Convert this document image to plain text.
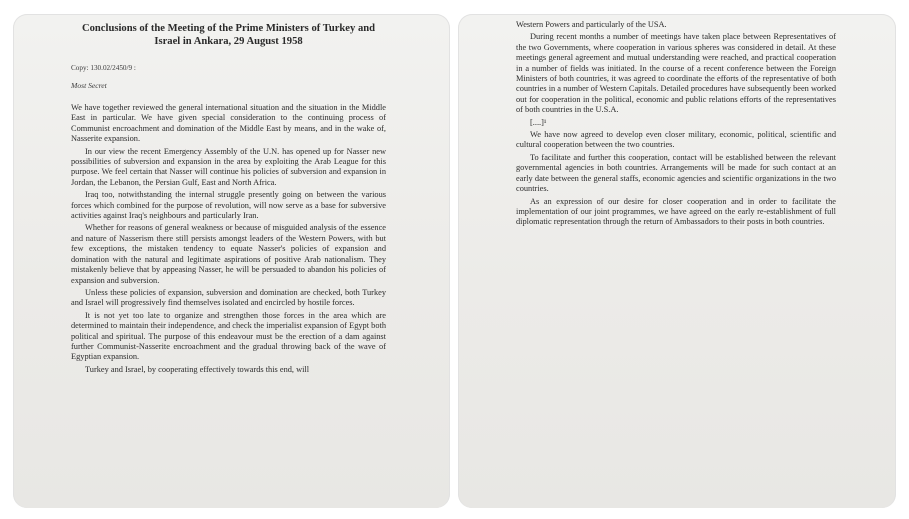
Conclusions of the Meeting of the Prime Ministers of Turkey and Israel in Ankara, 29 August 1958
Copy: 130.02/2450/9 :
Most Secret

We have together reviewed the general international situation and the situation in the Middle East in particular. We have given special consideration to the continuing process of Communist encroachment and domination of the Middle East by means, and in the wake of, Nasserite expansion.

In our view the recent Emergency Assembly of the U.N. has opened up for Nasser new possibilities of subversion and expansion in the area by exploiting the Arab League for this purpose. We feel certain that Nasser will continue his policies of subversion and expansion in Jordan, the Lebanon, the Persian Gulf, East and North Africa.

Iraq too, notwithstanding the internal struggle presently going on between the various forces which combined for the purpose of revolution, will now serve as a base for subversive activities against Iraq's neighbours and particularly Iran.

Whether for reasons of general weakness or because of misguided analysis of the essence and nature of Nasserism there still persists amongst leaders of the Western Powers, with but few exceptions, the mistaken tendency to equate Nasser's policies of expansion and domination with the natural and legitimate aspirations of positive Arab nationalism. They mistakenly believe that by appeasing Nasser, he will be persuaded to abandon his policies of expansion and subversion.

Unless these policies of expansion, subversion and domination are checked, both Turkey and Israel will progressively find themselves isolated and encircled by hostile forces.

It is not yet too late to organize and strengthen those forces in the area which are determined to maintain their independence, and check the imperialist expansion of Egypt both political and spiritual. The purpose of this endeavour must be the erection of a dam against further Communist-Nasserite encroachment and the gradual throwing back of the wave of Egyptian expansion.

Turkey and Israel, by cooperating effectively towards this end, will

Western Powers and particularly of the USA.

During recent months a number of meetings have taken place between Representatives of the two Governments, where cooperation in various spheres was considered in detail. At these meetings general agreement and mutual understanding were reached, and practical cooperation in a number of fields was initiated. In the course of a recent conference between the Foreign Ministers of both countries, it was agreed to coordinate the efforts of the representative of both countries in a number of Western Capitals. Detailed procedures have subsequently been worked out for cooperation in the political, economic and public relations efforts of the representatives of both countries in the U.S.A.

[....]¹

We have now agreed to develop even closer military, economic, political, scientific and cultural cooperation between the two countries.

To facilitate and further this cooperation, contact will be established between the relevant governmental agencies in both countries. Arrangements will be made for such contact at an early date between the general staffs, economic agencies and scientific organizations in the two countries.

As an expression of our desire for closer cooperation and in order to facilitate the implementation of our joint programmes, we have agreed on the early re-establishment of full diplomatic representation through the return of Ambassadors to their posts in both countries.
